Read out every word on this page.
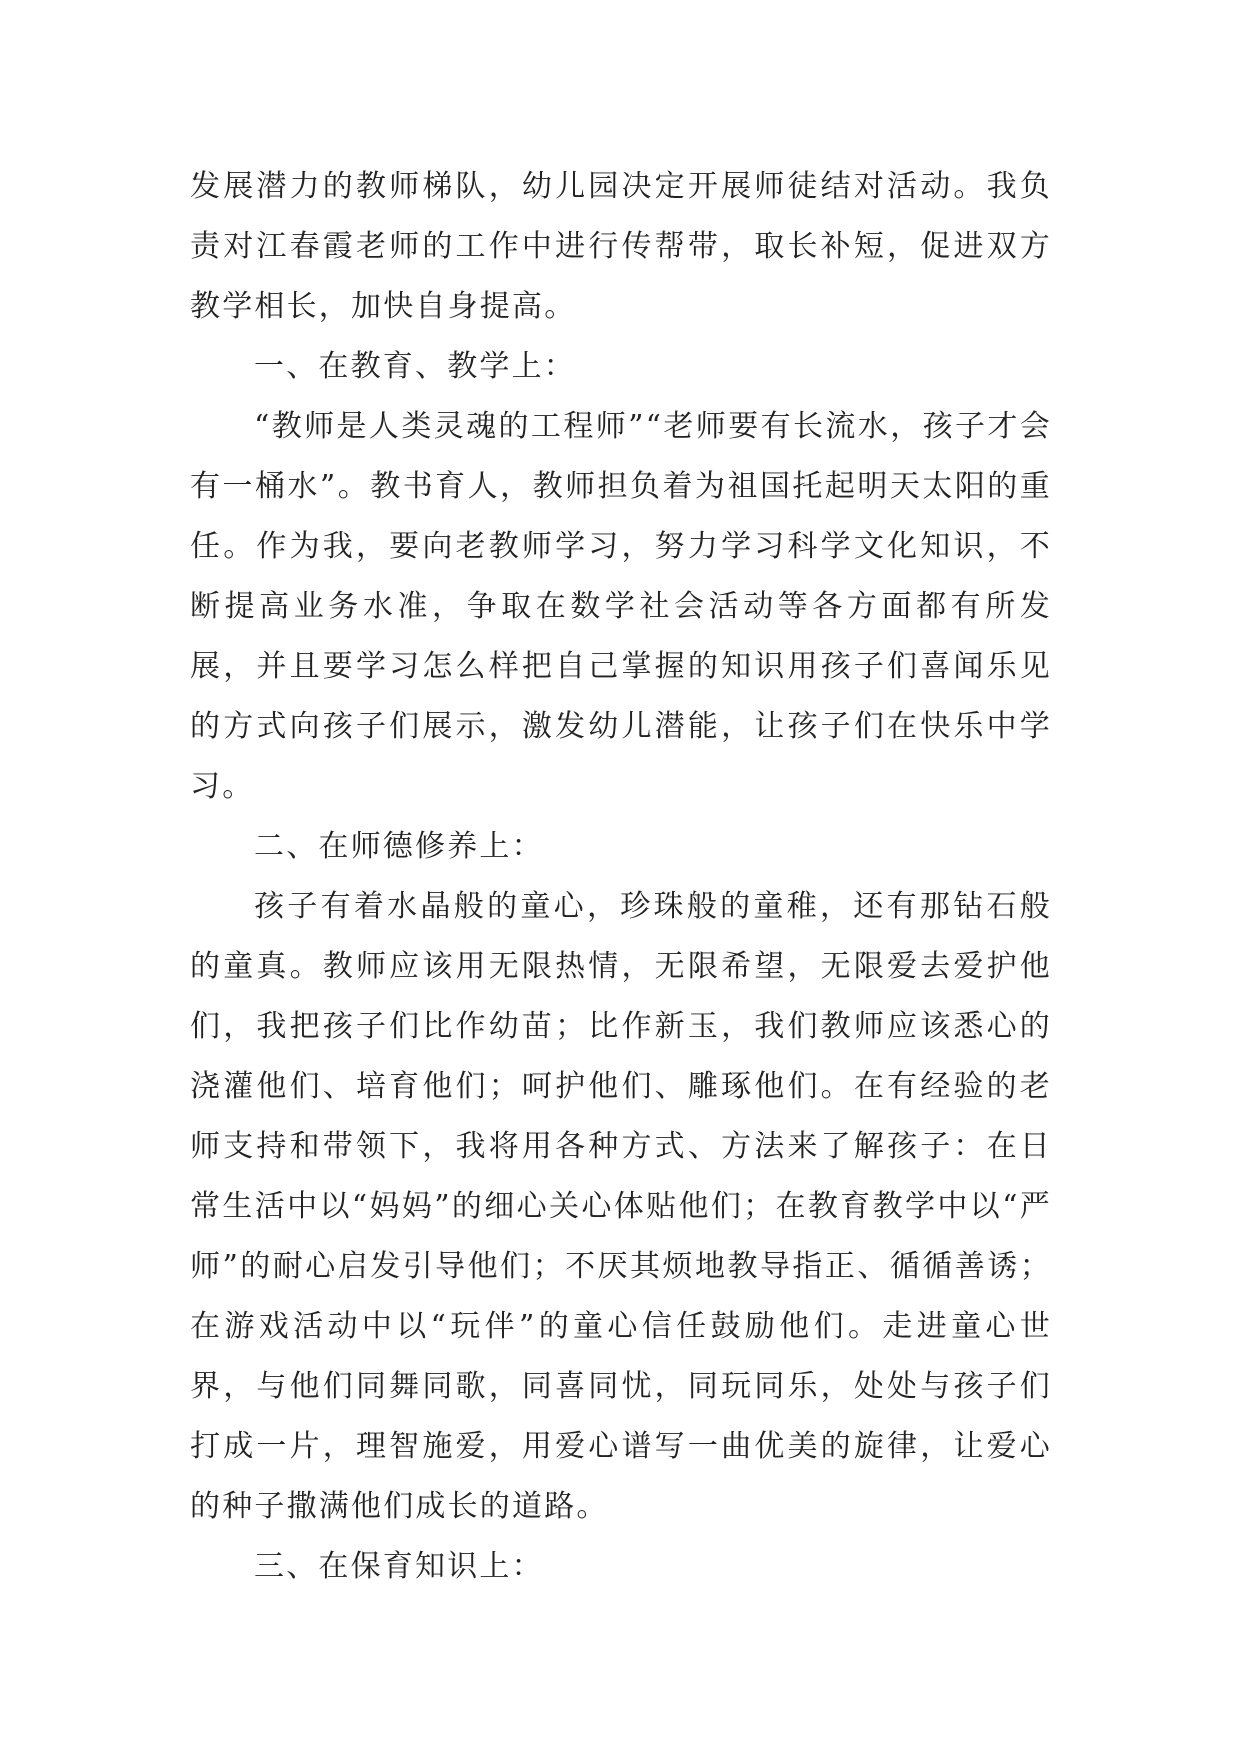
发展潜力的教师梯队，幼儿园决定开展师徒结对活动。我负责对江春霞老师的工作中进行传帮带，取长补短，促进双方教学相长，加快自身提高。

一、在教育、教学上：

“教师是人类灵魂的工程师”“老师要有长流水，孩子才会有一桶水”。教书育人，教师担负着为祖国托起明天太阳的重任。作为我，要向老教师学习，努力学习科学文化知识，不断提高业务水准，争取在数学社会活动等各方面都有所发展，并且要学习怎么样把自己掌握的知识用孩子们喜闻乐见的方式向孩子们展示，激发幼儿潜能，让孩子们在快乐中学习。

二、在师德修养上：

孩子有着水晶般的童心，珍珠般的童稚，还有那钻石般的童真。教师应该用无限热情，无限希望，无限爱去爱护他们，我把孩子们比作幼苗；比作新玉，我们教师应该悉心的浇灌他们、培育他们；呵护他们、雕琢他们。在有经验的老师支持和带领下，我将用各种方式、方法来了解孩子：在日常生活中以“妈妈”的细心关心体贴他们；在教育教学中以“严师”的耐心启发引导他们；不厌其烦地教导指正、循循善诱；在游戏活动中以“玩伴”的童心信任鼓励他们。走进童心世界，与他们同舞同歌，同喜同忧，同玩同乐，处处与孩子们打成一片，理智施爱，用爱心谱写一曲优美的旋律，让爱心的种子撒满他们成长的道路。

三、在保育知识上：
